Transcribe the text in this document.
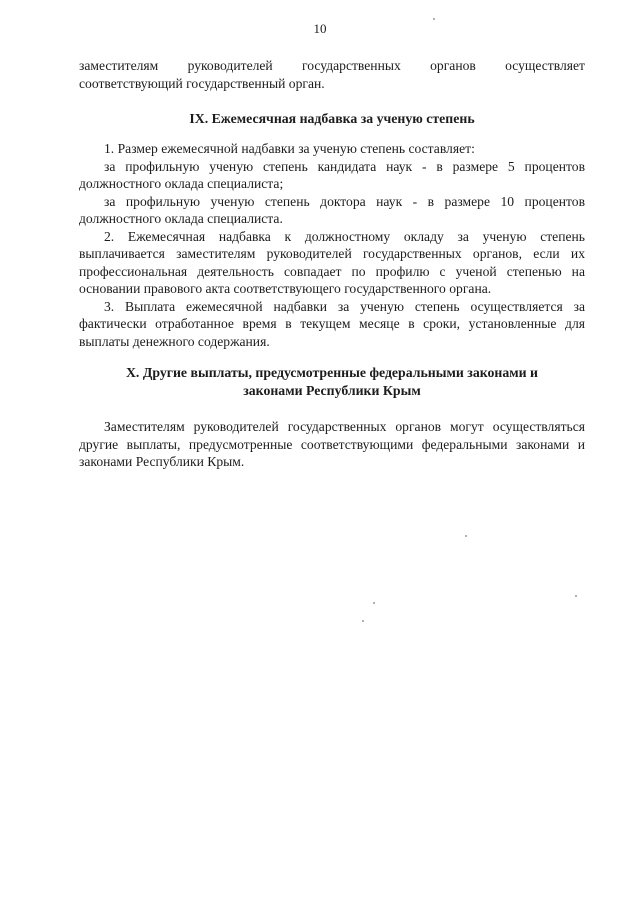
10

заместителям руководителей государственных органов осуществляет соответствующий государственный орган.

IX. Ежемесячная надбавка за ученую степень

1. Размер ежемесячной надбавки за ученую степень составляет:

за профильную ученую степень кандидата наук - в размере 5 процентов должностного оклада специалиста;

за профильную ученую степень доктора наук - в размере 10 процентов должностного оклада специалиста.

2. Ежемесячная надбавка к должностному окладу за ученую степень выплачивается заместителям руководителей государственных органов, если их профессиональная деятельность совпадает по профилю с ученой степенью на основании правового акта соответствующего государственного органа.

3. Выплата ежемесячной надбавки за ученую степень осуществляется за фактически отработанное время в текущем месяце в сроки, установленные для выплаты денежного содержания.

X. Другие выплаты, предусмотренные федеральными законами и
законами Республики Крым

Заместителям руководителей государственных органов могут осуществляться другие выплаты, предусмотренные соответствующими федеральными законами и законами Республики Крым.
